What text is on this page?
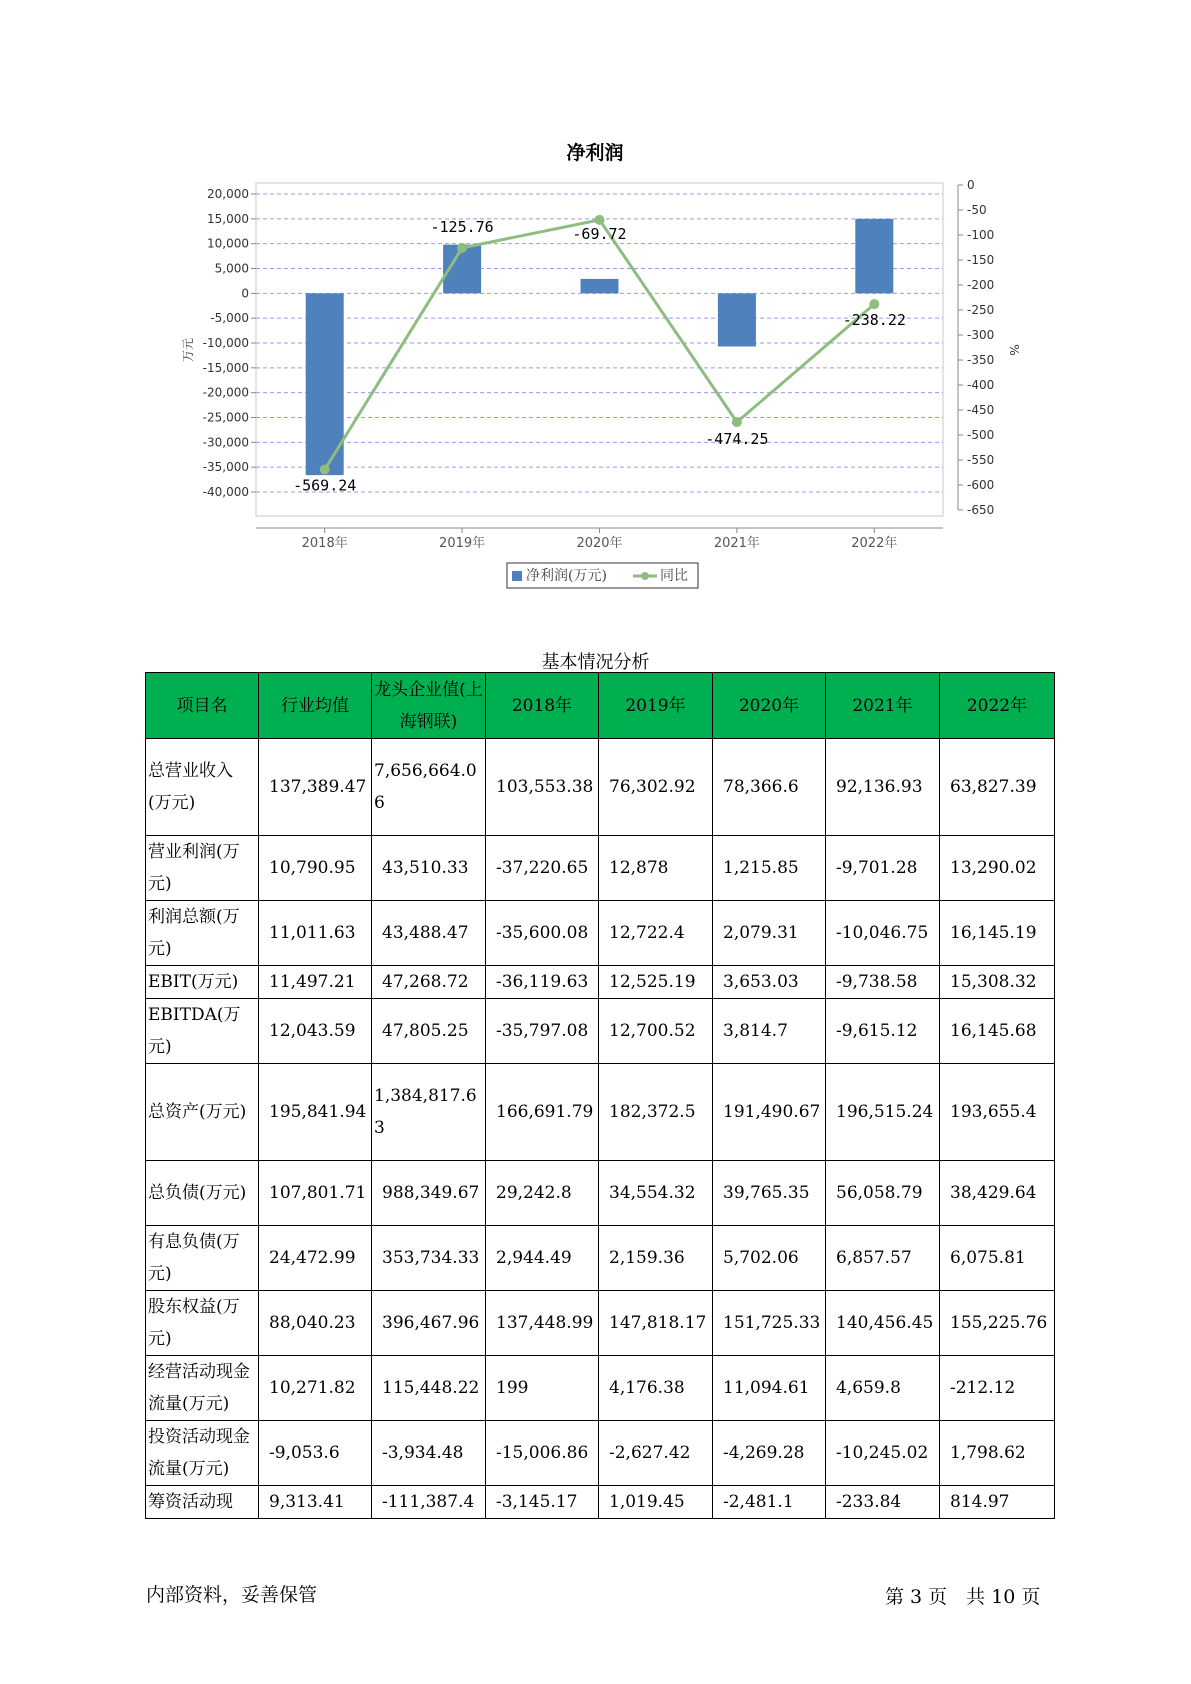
净利润
20,000
15,000
10,000
5,000
0
-5,000
-10,000
-15,000
-20,000
-25,000
-30,000
-35,000
-40,000
万元
0
-50
-100
-150
-200
-250
-300
-350
-400
-450
-500
-550
-600
-650
%
2018年	2019年	2020年	2021年	2022年
-569.24
-125.76	-69.72
-474.25
-238.22
净利润(万元)	同比
基本情况分析
项目名	行业均值	龙头企业值(上海钢联)	2018年	2019年	2020年	2021年	2022年
总营业收入(万元)	137,389.47	7,656,664.06	103,553.38	76,302.92	78,366.6	92,136.93	63,827.39
营业利润(万元)	10,790.95	43,510.33	-37,220.65	12,878	1,215.85	-9,701.28	13,290.02
利润总额(万元)	11,011.63	43,488.47	-35,600.08	12,722.4	2,079.31	-10,046.75	16,145.19
EBIT(万元)	11,497.21	47,268.72	-36,119.63	12,525.19	3,653.03	-9,738.58	15,308.32
EBITDA(万元)	12,043.59	47,805.25	-35,797.08	12,700.52	3,814.7	-9,615.12	16,145.68
总资产(万元)	195,841.94	1,384,817.63	166,691.79	182,372.5	191,490.67	196,515.24	193,655.4
总负债(万元)	107,801.71	988,349.67	29,242.8	34,554.32	39,765.35	56,058.79	38,429.64
有息负债(万元)	24,472.99	353,734.33	2,944.49	2,159.36	5,702.06	6,857.57	6,075.81
股东权益(万元)	88,040.23	396,467.96	137,448.99	147,818.17	151,725.33	140,456.45	155,225.76
经营活动现金流量(万元)	10,271.82	115,448.22	199	4,176.38	11,094.61	4,659.8	-212.12
投资活动现金流量(万元)	-9,053.6	-3,934.48	-15,006.86	-2,627.42	-4,269.28	-10,245.02	1,798.62
筹资活动现	9,313.41	-111,387.4	-3,145.17	1,019.45	-2,481.1	-233.84	814.97
内部资料，妥善保管	第 3 页　共 10 页
